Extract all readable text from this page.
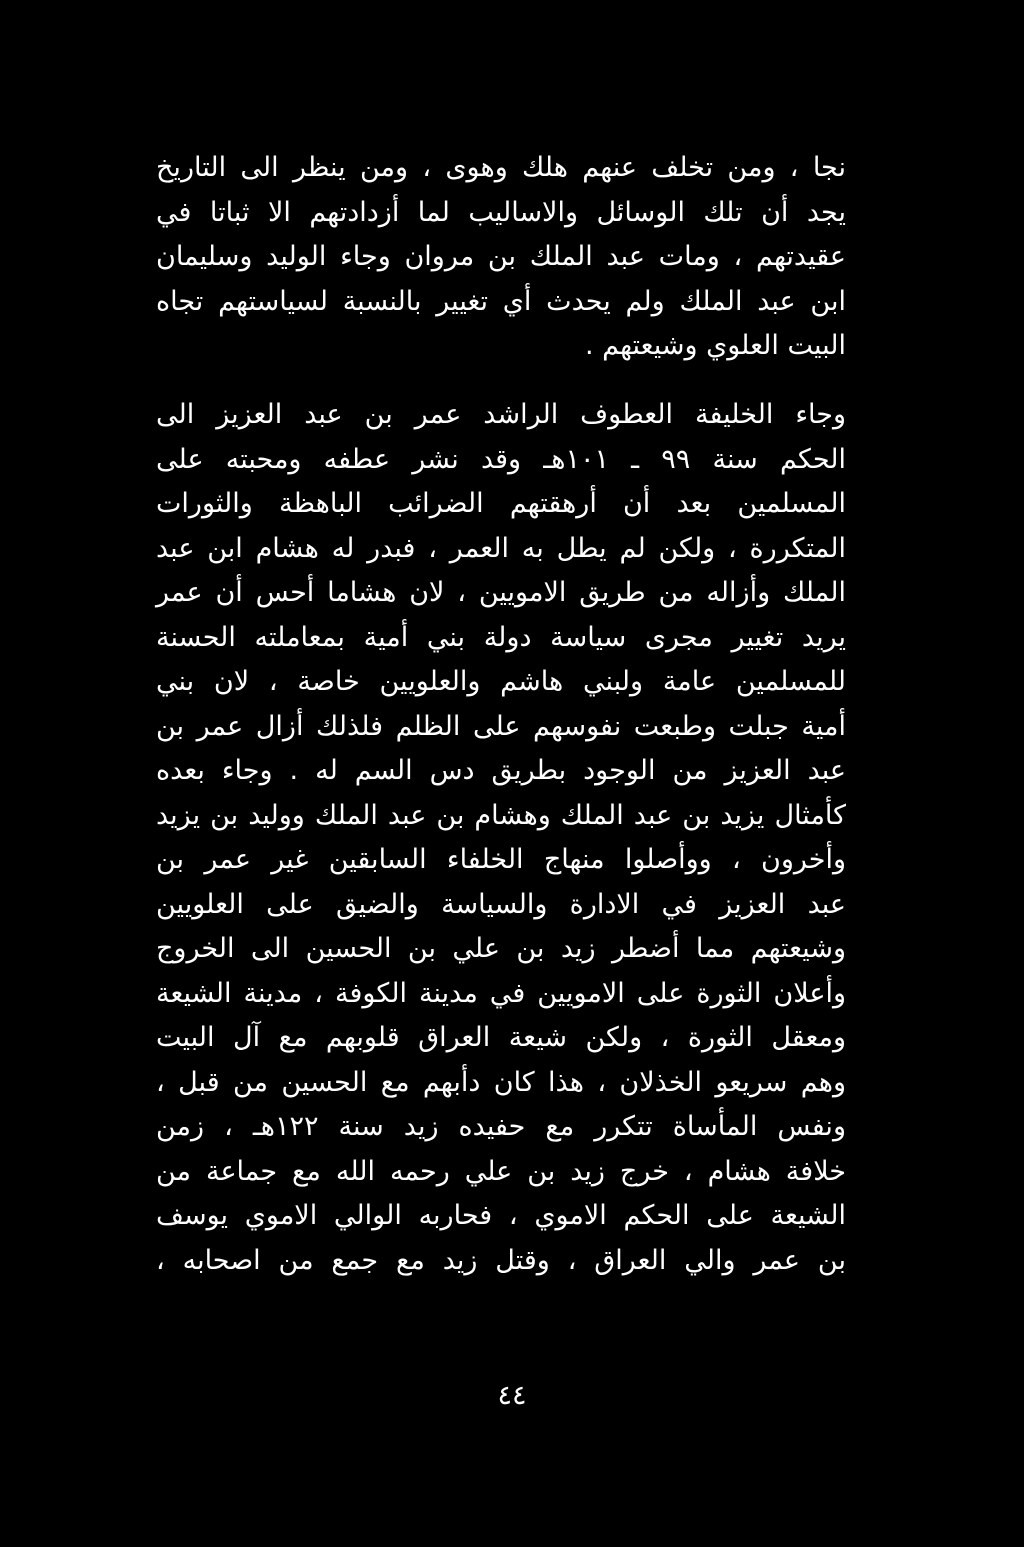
نجا ، ومن تخلف عنهم هلك وهوى ، ومن ينظر الى التاريخ
يجد أن تلك الوسائل والاساليب لما أزدادتهم الا ثباتا في
عقيدتهم ، ومات عبد الملك بن مروان وجاء الوليد وسليمان
ابن عبد الملك ولم يحدث أي تغيير بالنسبة لسياستهم تجاه
البيت العلوي وشيعتهم .
وجاء الخليفة العطوف الراشد عمر بن عبد العزيز الى
الحكم سنة ٩٩ ـ ١٠١هـ وقد نشر عطفه ومحبته على
المسلمين بعد أن أرهقتهم الضرائب الباهظة والثورات
المتكررة ، ولكن لم يطل به العمر ، فبدر له هشام ابن عبد
الملك وأزاله من طريق الامويين ، لان هشاما أحس أن عمر
يريد تغيير مجرى سياسة دولة بني أمية بمعاملته الحسنة
للمسلمين عامة ولبني هاشم والعلويين خاصة ، لان بني
أمية جبلت وطبعت نفوسهم على الظلم فلذلك أزال عمر بن
عبد العزيز من الوجود بطريق دس السم له . وجاء بعده
كأمثال يزيد بن عبد الملك وهشام بن عبد الملك ووليد بن يزيد
وأخرون ، ووأصلوا منهاج الخلفاء السابقين غير عمر بن
عبد العزيز في الادارة والسياسة والضيق على العلويين
وشيعتهم مما أضطر زيد بن علي بن الحسين الى الخروج
وأعلان الثورة على الامويين في مدينة الكوفة ، مدينة الشيعة
ومعقل الثورة ، ولكن شيعة العراق قلوبهم مع آل البيت
وهم سريعو الخذلان ، هذا كان دأبهم مع الحسين من قبل ،
ونفس المأساة تتكرر مع حفيده زيد سنة ١٢٢هـ ، زمن
خلافة هشام ، خرج زيد بن علي رحمه الله مع جماعة من
الشيعة على الحكم الاموي ، فحاربه الوالي الاموي يوسف
بن عمر والي العراق ، وقتل زيد مع جمع من اصحابه ،
٤٤
